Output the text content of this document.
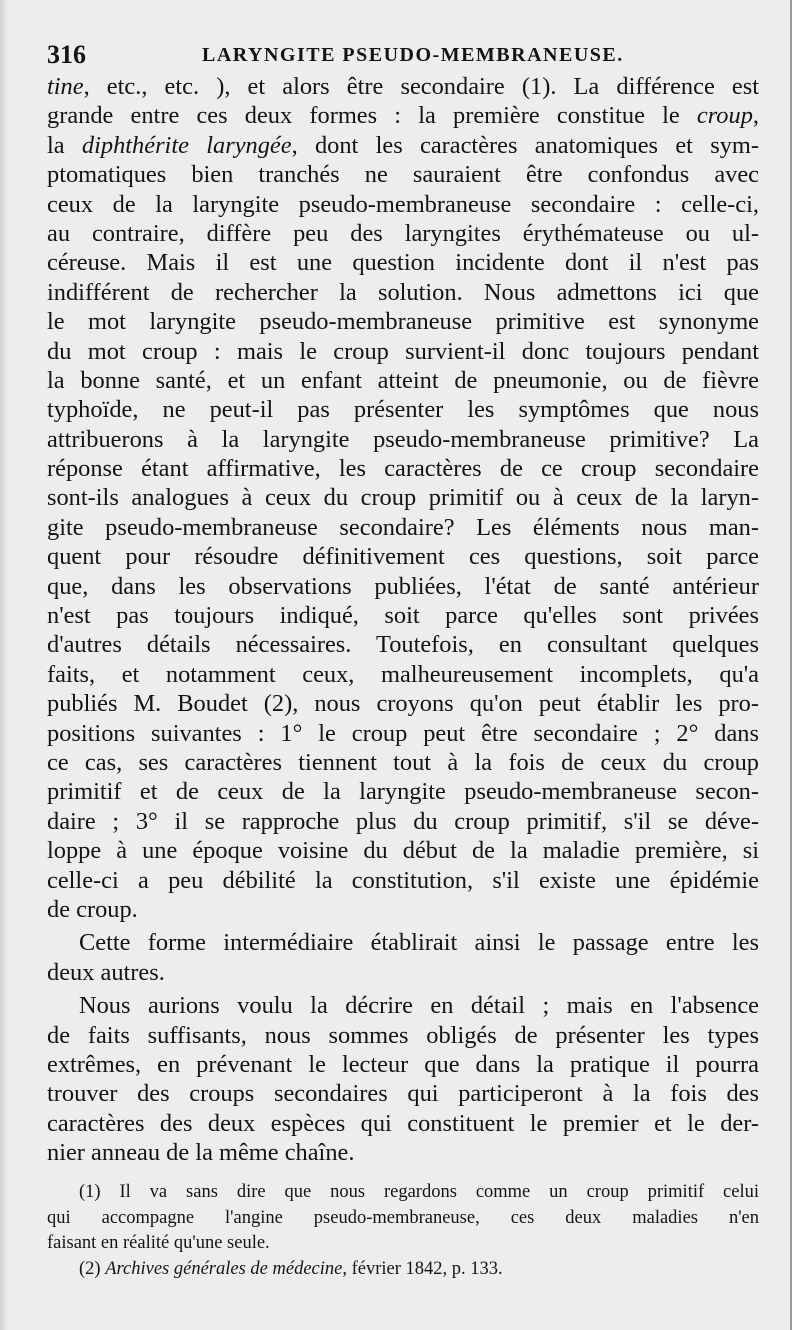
316	LARYNGITE PSEUDO-MEMBRANEUSE.
tine, etc., etc. ), et alors être secondaire (1). La différence est
grande entre ces deux formes : la première constitue le croup,
la diphthérite laryngée, dont les caractères anatomiques et sym-
ptomatiques bien tranchés ne sauraient être confondus avec
ceux de la laryngite pseudo-membraneuse secondaire : celle-ci,
au contraire, diffère peu des laryngites érythémateuse ou ul-
céreuse. Mais il est une question incidente dont il n'est pas
indifférent de rechercher la solution. Nous admettons ici que
le mot laryngite pseudo-membraneuse primitive est synonyme
du mot croup : mais le croup survient-il donc toujours pendant
la bonne santé, et un enfant atteint de pneumonie, ou de fièvre
typhoïde, ne peut-il pas présenter les symptômes que nous
attribuerons à la laryngite pseudo-membraneuse primitive? La
réponse étant affirmative, les caractères de ce croup secondaire
sont-ils analogues à ceux du croup primitif ou à ceux de la laryn-
gite pseudo-membraneuse secondaire? Les éléments nous man-
quent pour résoudre définitivement ces questions, soit parce
que, dans les observations publiées, l'état de santé antérieur
n'est pas toujours indiqué, soit parce qu'elles sont privées
d'autres détails nécessaires. Toutefois, en consultant quelques
faits, et notamment ceux, malheureusement incomplets, qu'a
publiés M. Boudet (2), nous croyons qu'on peut établir les pro-
positions suivantes : 1° le croup peut être secondaire ; 2° dans
ce cas, ses caractères tiennent tout à la fois de ceux du croup
primitif et de ceux de la laryngite pseudo-membraneuse secon-
daire ; 3° il se rapproche plus du croup primitif, s'il se déve-
loppe à une époque voisine du début de la maladie première, si
celle-ci a peu débilité la constitution, s'il existe une épidémie
de croup.
Cette forme intermédiaire établirait ainsi le passage entre les
deux autres.
Nous aurions voulu la décrire en détail ; mais en l'absence
de faits suffisants, nous sommes obligés de présenter les types
extrêmes, en prévenant le lecteur que dans la pratique il pourra
trouver des croups secondaires qui participeront à la fois des
caractères des deux espèces qui constituent le premier et le der-
nier anneau de la même chaîne.
(1) Il va sans dire que nous regardons comme un croup primitif celui
qui accompagne l'angine pseudo-membraneuse, ces deux maladies n'en
faisant en réalité qu'une seule.
(2) Archives générales de médecine, février 1842, p. 133.
